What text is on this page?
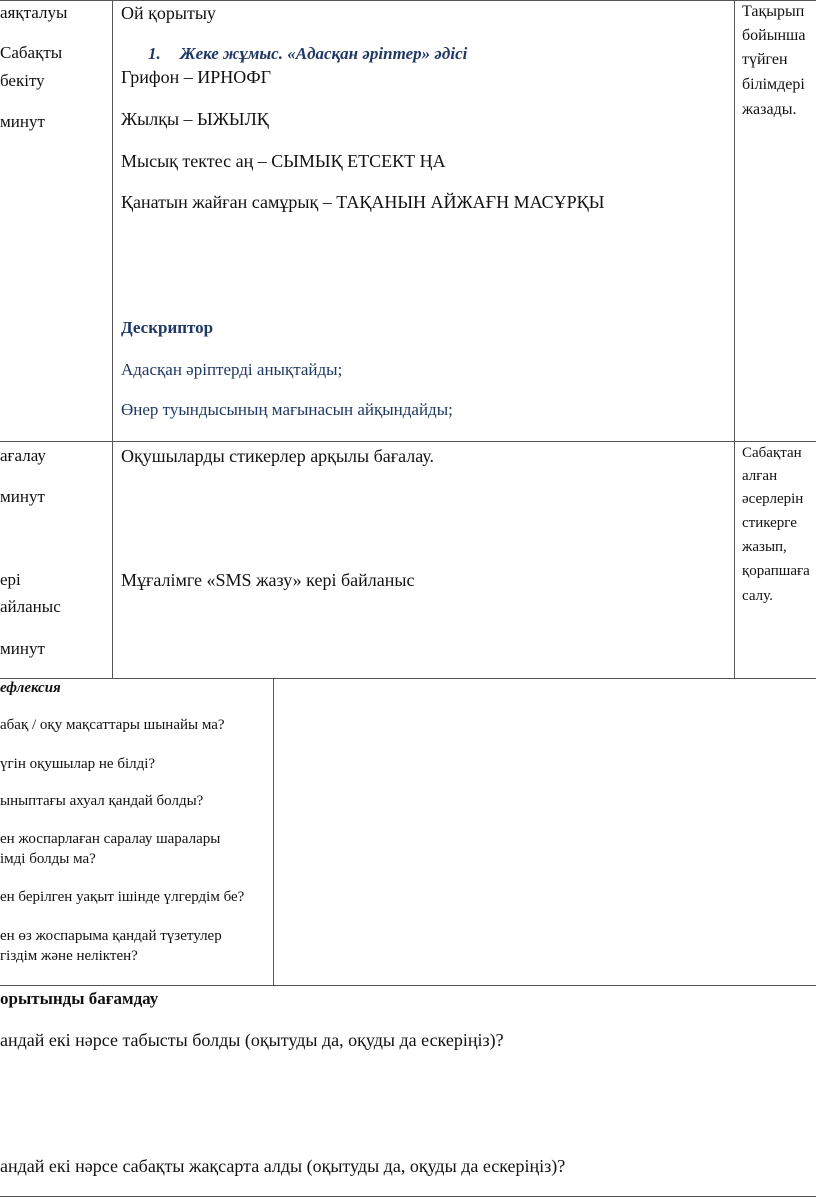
аяқталуы
Сабақты
бекіту
минут
Ой қорытыу
1. Жеке жұмыс. «Адасқан әріптер» әдісі
Грифон – ИРНОФГ
Жылқы – ЫЖЫЛҚ
Мысық тектес аң – СЫМЫҚ ЕТСЕКТ ҢА
Қанатын жайған самұрық – ТАҚАНЫН АЙЖАҒН МАСҰРҚЫ
Дескриптор
Адасқан әріптерді анықтайды;
Өнер туындысының мағынасын айқындайды;
Тақырып
бойынша
түйген
білімдері
жазады.
ағалау
минут
ері
айланыс
минут
Оқушыларды стикерлер арқылы бағалау.
Мұғалімге «SMS жазу» кері байланыс
Сабақтан
алған
әсерлерін
стикерге
жазып,
қорапшаға
салу.
ефлексия
абақ / оқу мақсаттары шынайы ма?
үгін оқушылар не білді?
ыныптағы ахуал қандай болды?
ен жоспарлаған саралау шаралары
імді болды ма?
ен берілген уақыт ішінде үлгердім бе?
ен өз жоспарыма қандай түзетулер
гіздім және неліктен?
орытынды бағамдау
андай екі нәрсе табысты болды (оқытуды да, оқуды да ескеріңіз)?
андай екі нәрсе сабақты жақсарта алды (оқытуды да, оқуды да ескеріңіз)?
